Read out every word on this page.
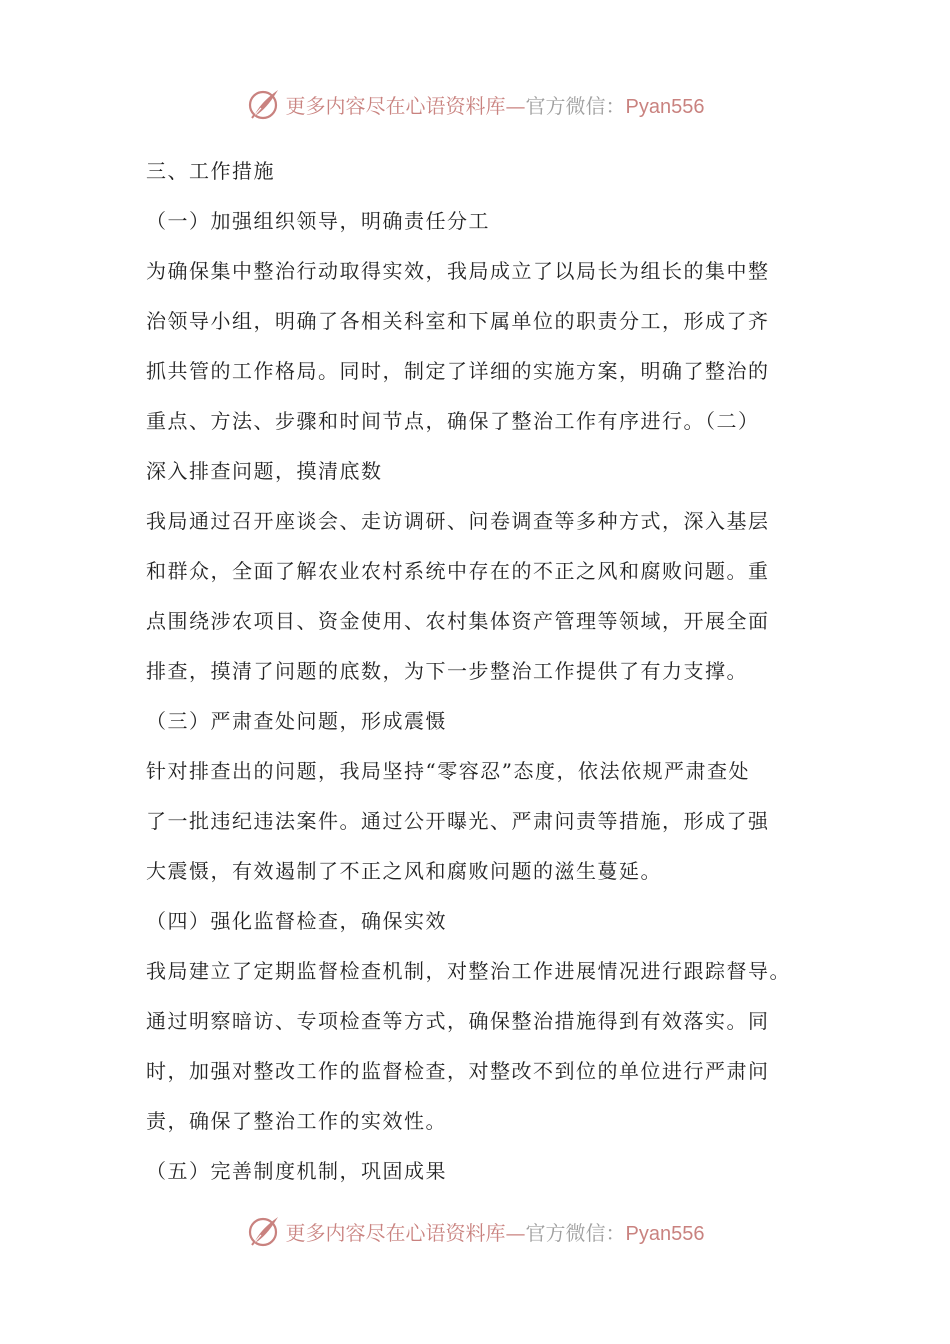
更多内容尽在心语资料库—官方微信：Pyan556
三、工作措施
（一）加强组织领导，明确责任分工
为确保集中整治行动取得实效，我局成立了以局长为组长的集中整
治领导小组，明确了各相关科室和下属单位的职责分工，形成了齐
抓共管的工作格局。同时，制定了详细的实施方案，明确了整治的
重点、方法、步骤和时间节点，确保了整治工作有序进行。（二）
深入排查问题，摸清底数
我局通过召开座谈会、走访调研、问卷调查等多种方式，深入基层
和群众，全面了解农业农村系统中存在的不正之风和腐败问题。重
点围绕涉农项目、资金使用、农村集体资产管理等领域，开展全面
排查，摸清了问题的底数，为下一步整治工作提供了有力支撑。
（三）严肃查处问题，形成震慑
针对排查出的问题，我局坚持“零容忍”态度，依法依规严肃查处
了一批违纪违法案件。通过公开曝光、严肃问责等措施，形成了强
大震慑，有效遏制了不正之风和腐败问题的滋生蔓延。
（四）强化监督检查，确保实效
我局建立了定期监督检查机制，对整治工作进展情况进行跟踪督导。
通过明察暗访、专项检查等方式，确保整治措施得到有效落实。同
时，加强对整改工作的监督检查，对整改不到位的单位进行严肃问
责，确保了整治工作的实效性。
（五）完善制度机制，巩固成果
更多内容尽在心语资料库—官方微信：Pyan556
